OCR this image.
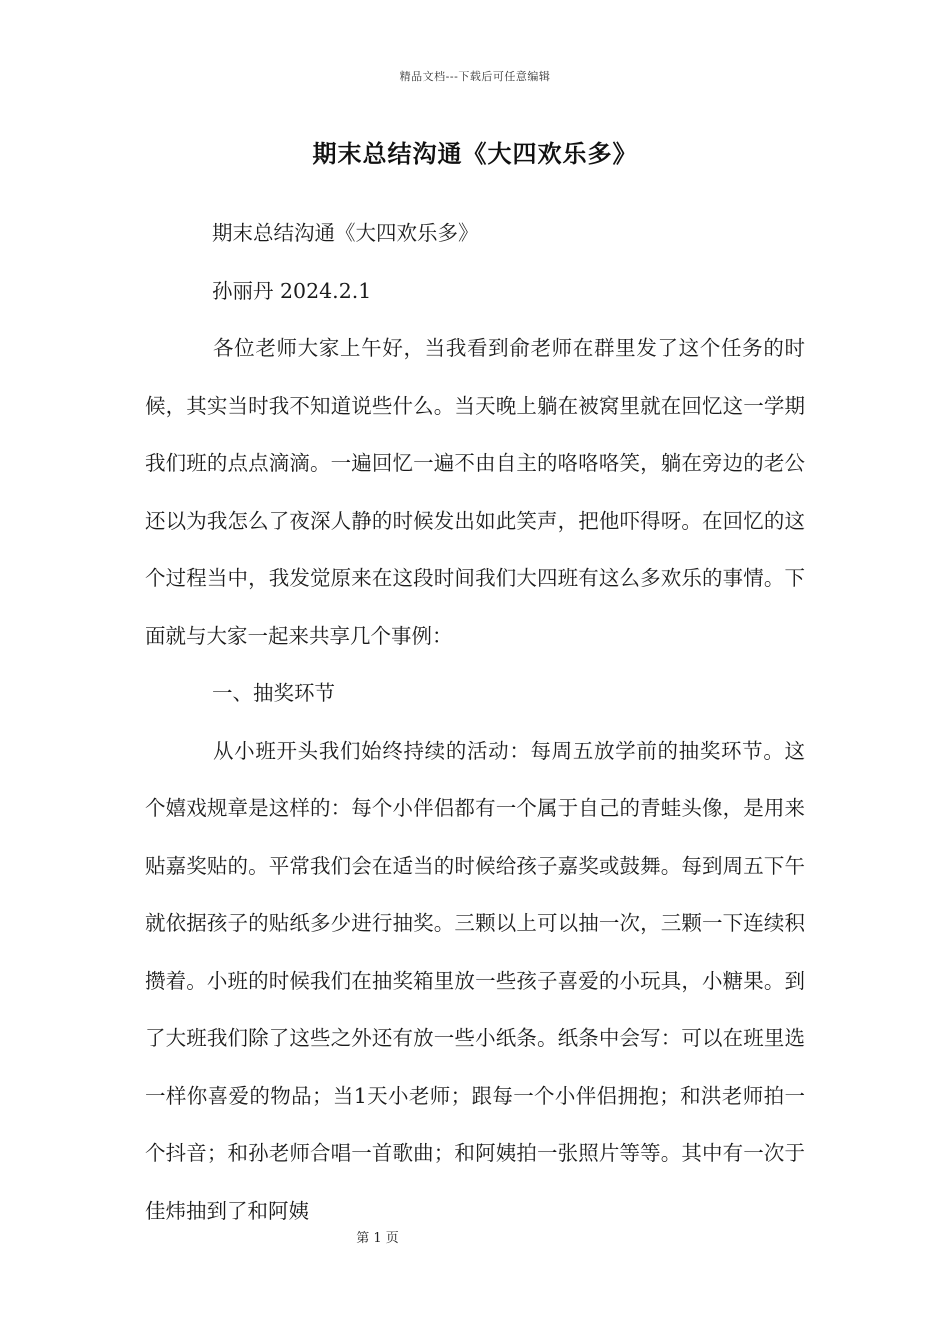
精品文档---下载后可任意编辑
期末总结沟通《大四欢乐多》

期末总结沟通《大四欢乐多》

孙丽丹 2024.2.1

各位老师大家上午好，当我看到俞老师在群里发了这个任务的时候，其实当时我不知道说些什么。当天晚上躺在被窝里就在回忆这一学期我们班的点点滴滴。一遍回忆一遍不由自主的咯咯咯笑，躺在旁边的老公还以为我怎么了夜深人静的时候发出如此笑声，把他吓得呀。在回忆的这个过程当中，我发觉原来在这段时间我们大四班有这么多欢乐的事情。下面就与大家一起来共享几个事例：

一、抽奖环节

从小班开头我们始终持续的活动：每周五放学前的抽奖环节。这个嬉戏规章是这样的：每个小伴侣都有一个属于自己的青蛙头像，是用来贴嘉奖贴的。平常我们会在适当的时候给孩子嘉奖或鼓舞。每到周五下午就依据孩子的贴纸多少进行抽奖。三颗以上可以抽一次，三颗一下连续积攒着。小班的时候我们在抽奖箱里放一些孩子喜爱的小玩具，小糖果。到了大班我们除了这些之外还有放一些小纸条。纸条中会写：可以在班里选一样你喜爱的物品；当1天小老师；跟每一个小伴侣拥抱；和洪老师拍一个抖音；和孙老师合唱一首歌曲；和阿姨拍一张照片等等。其中有一次于佳炜抽到了和阿姨

第 1 页
